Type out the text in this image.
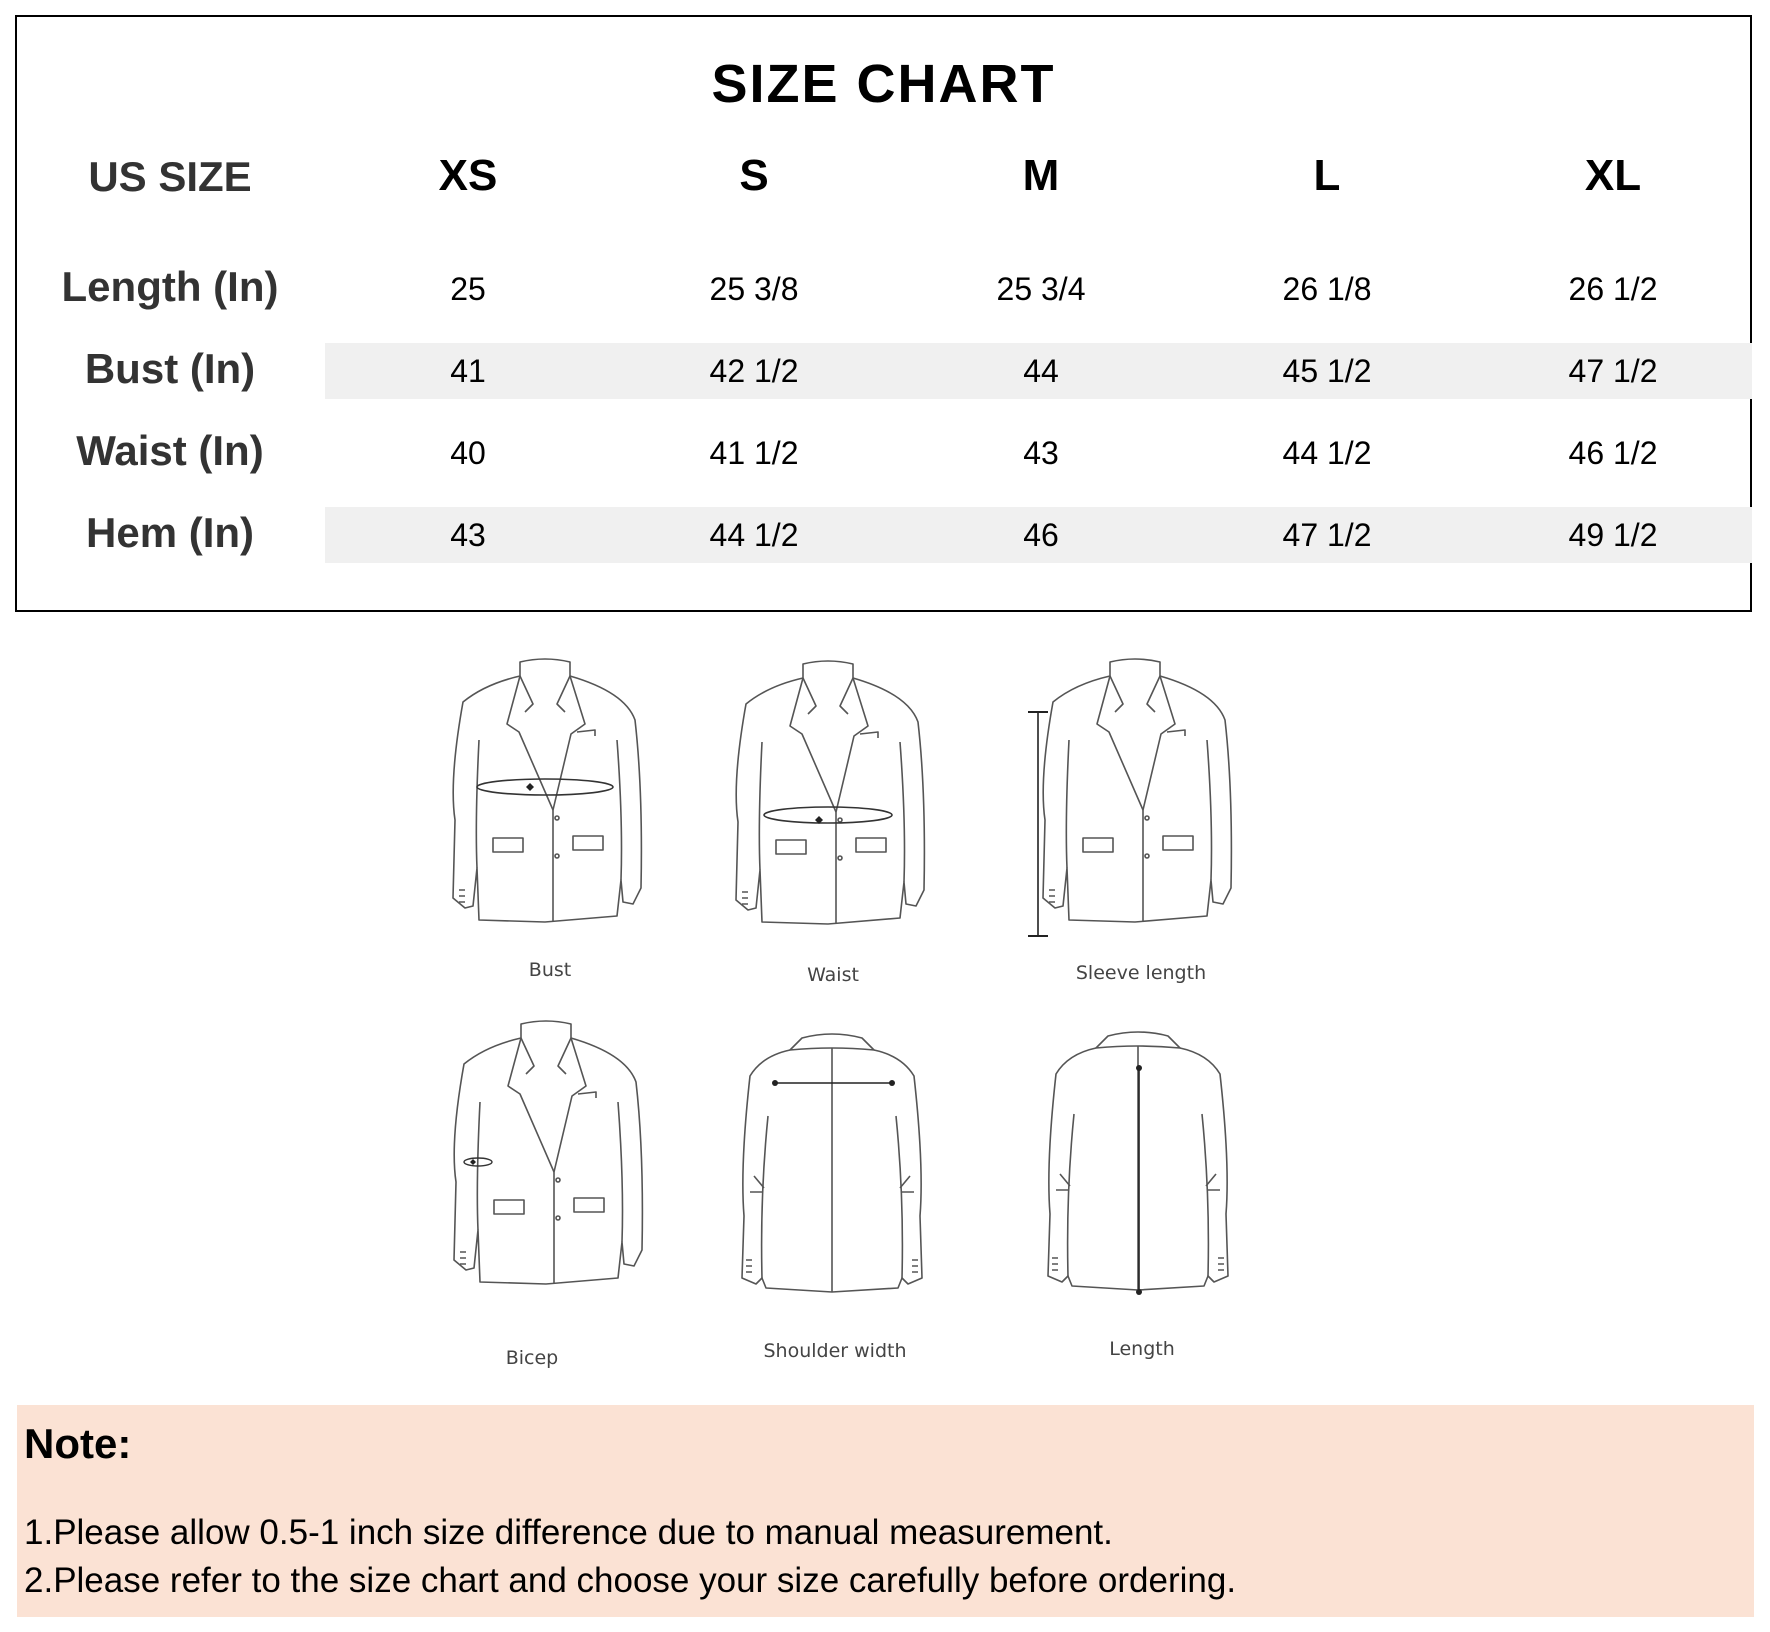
SIZE CHART
US SIZE	XS	S	M	L	XL
Length (In)	25	25 3/8	25 3/4	26 1/8	26 1/2
Bust (In)	41	42 1/2	44	45 1/2	47 1/2
Waist (In)	40	41 1/2	43	44 1/2	46 1/2
Hem (In)	43	44 1/2	46	47 1/2	49 1/2
Bust	Waist	Sleeve length
Bicep	Shoulder width	Length
Note:
1.Please allow 0.5-1 inch size difference due to manual measurement.
2.Please refer to the size chart and choose your size carefully before ordering.
